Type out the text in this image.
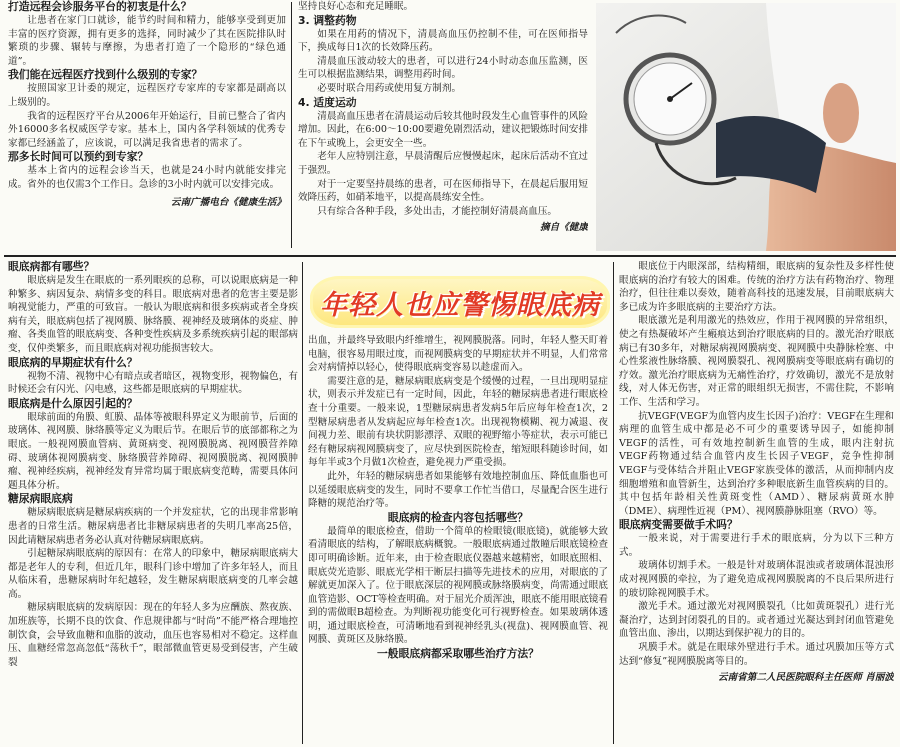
打造远程会诊服务平台的初衷是什么？

让患者在家门口就诊，能节约时间和精力，能够享受到更加丰富的医疗资源，拥有更多的选择，同时减少了其在医院排队时繁琐的步骤、辗转与摩擦，为患者打造了一个隐形的“绿色通道”。

我们能在远程医疗找到什么级别的专家？

按照国家卫计委的规定，远程医疗专家库的专家都是副高以上级别的。

我省的远程医疗平台从2006年开始运行，目前已整合了省内外16000多名权威医学专家。基本上，国内各学科领域的优秀专家都已经涵盖了，应该说，可以满足我省患者的需求了。

那多长时间可以预约到专家？

基本上省内的远程会诊当天，也就是24小时内就能安排完成。省外的也仅需3个工作日。急诊的3小时内就可以安排完成。

云南广播电台《健康生活》

坚持良好心态和充足睡眠。

3. 调整药物

如果在用药的情况下，清晨高血压仍控制不佳，可在医师指导下，换成每日1次的长效降压药。

清晨血压波动较大的患者，可以进行24小时动态血压监测，医生可以根据监测结果，调整用药时间。

必要时联合用药或使用复方制剂。

4. 适度运动

清晨高血压患者在清晨运动后较其他时段发生心血管事件的风险增加。因此，在6:00～10:00要避免剧烈活动，建议把锻炼时间安排在下午或晚上，会更安全一些。

老年人应特别注意，早晨清醒后应慢慢起床，起床后活动不宜过于强烈。

对于一定要坚持晨练的患者，可在医师指导下，在晨起后服用短效降压药，如硝苯地平，以提高晨练安全性。

只有综合各种手段，多处出击，才能控制好清晨高血压。

摘自《健康
眼底病都有哪些？

眼底病是发生在眼底的一系列眼疾的总称，可以说眼底病是一种种繁多、病因复杂、病情多变的科目。眼底病对患者的危害主要是影响视觉能力，严重的可致盲。一般认为眼底病和很多疾病或者全身疾病有关，眼底病包括了视网膜、脉络膜、视神经及玻璃体的炎症、肿瘤、各类血管的眼底病变、各种变性疾病及多系统疾病引起的眼部病变，仅仲类繁多，而且眼底病对视功能损害较大。

眼底病的早期症状有什么？

视物不清、视物中心有暗点或者暗区，视物变形，视物偏色，有时候还会有闪光、闪电感，这些都是眼底病的早期症状。

眼底病是什么原因引起的？

眼球前面的角膜、虹膜、晶体等被眼科界定义为眼前节，后面的玻璃体、视网膜、脉络膜等定义为眼后节。在眼后节的底部都称之为眼底。一般视网膜血管病、黄斑病变、视网膜脱离、视网膜营养障碍、玻璃体视网膜病变、脉络膜营养障碍、视网膜脱离、视网膜肿瘤、视神经疾病，视神经发育异常均属于眼底病变范畴，需要具体问题具体分析。

糖尿病眼底病

糖尿病眼底病是糖尿病疾病的一个并发症状，它的出现非常影响患者的日常生活。糖尿病患者比非糖尿病患者的失明几率高25倍，因此请糖尿病患者务必认真对待糖尿病眼底病。

引起糖尿病眼底病的原因有：在常人的印象中，糖尿病眼底病大都是老年人的专利，但近几年，眼科门诊中增加了许多年轻人，而且从临床看，患糖尿病时年纪越轻，发生糖尿病眼底病变的几率会越高。

糖尿病眼底病的发病原因：现在的年轻人多为应酬族、熬夜族、加班族等，长期不良的饮食、作息规律都与“时尚”不能严格合理地控制饮食，会导致血糖和血脂的波动，血压也容易相对不稳定。这样血压、血糖经常忽高忽低“荡秋千”，眼部微血管更易受到侵害，产生破裂

年轻人也应警惕眼底病

出血，并最终导致眼内纤维增生，视网膜脱落。同时，年轻人整天盯着电脑，很容易用眼过度，而视网膜病变的早期症状并不明显，人们常常会对病情掉以轻心，使得眼底病变容易以趁虚而入。

需要注意的是，糖尿病眼底病变是个缓慢的过程，一旦出现明显症状，则表示并发症已有一定时间，因此，年轻的糖尿病患者进行眼底检查十分重要。一般来说，1型糖尿病患者发病5年后应每年检查1次，2型糖尿病患者从发病起应每年检查1次。出现视物模糊、视力减退、夜间视力差、眼前有块状阴影漂浮、双眼的视野缩小等症状，表示可能已经有糖尿病视网膜病变了，应尽快到医院检查，缩短眼科随诊时间，如每年半或3个月做1次检查，避免视力严重受损。

此外，年轻的糖尿病患者如果能够有效地控制血压、降低血脂也可以延缓眼底病变的发生，同时不要拿工作忙当借口，尽量配合医生进行降糖的规范治疗等。

眼底病的检查内容包括哪些？

最简单的眼底检查，借助一个简单的检眼镜(眼底镜)，就能够大致看清眼底的结构，了解眼底病概貌。一般眼底病通过散瞳后眼底镜检查即可明确诊断。近年来，由于检查眼底仪器越来越精密，如眼底照相、眼底荧光造影、眼底光学相干断层扫描等先进技术的应用，对眼底的了解就更加深入了。位于眼底深层的视网膜或脉络膜病变，尚需通过眼底血管造影、OCT等检查明确。对于屈光介质浑浊，眼底不能用眼底镜看到的需做眼B超检查。为判断视功能变化可行视野检查。如果玻璃体透明，通过眼底检查，可清晰地看到视神经乳头(视盘)、视网膜血管、视网膜、黄斑区及脉络膜。

一般眼底病都采取哪些治疗方法？

眼底位于内眼深部，结构精细，眼底病的复杂性及多样性使眼底病的治疗有较大的困难。传统的治疗方法有药物治疗、物理治疗，但往往难以奏效，随着高科技的迅速发展，目前眼底病大多已成为许多眼底病的主要治疗方法。

眼底激光是利用激光的热效应，作用于视网膜的异常组织，使之有热凝破坏产生瘢痕达到治疗眼底病的目的。激光治疗眼底病已有30多年，对糖尿病视网膜病变、视网膜中央静脉栓塞、中心性浆液性脉络膜、视网膜裂孔、视网膜病变等眼底病有确切的疗效。激光治疗眼底病为无痛性治疗，疗效确切，激光不是放射线，对人体无伤害，对正常的眼组织无损害，不需住院，不影响工作、生活和学习。

抗VEGF(VEGF为血管内皮生长因子)治疗：VEGF在生理和病理的血管生成中都是必不可少的重要诱导因子，如能抑制VEGF的活性，可有效地控制新生血管的生成，眼内注射抗VEGF药物通过结合血管内皮生长因子VEGF，竞争性抑制VEGF与受体结合并阻止VEGF家族受体的激活，从而抑制内皮细胞增殖和血管新生，达到治疗多种眼底新生血管疾病的目的。其中包括年龄相关性黄斑变性（AMD）、糖尿病黄斑水肿（DME）、病理性近视（PM）、视网膜静脉阻塞（RVO）等。

眼底病变需要做手术吗？

一般来说，对于需要进行手术的眼底病，分为以下三种方式。

玻璃体切割手术。一般是针对玻璃体混浊或者玻璃体混浊形成对视网膜的牵拉，为了避免造成视网膜脱离的不良后果所进行的玻切除视网膜手术。

激光手术。通过激光对视网膜裂孔（比如黄斑裂孔）进行光凝治疗，达到封闭裂孔的目的。或者通过光凝达到封闭血管避免血管出血、渗出，以期达到保护视力的目的。

巩膜手术。就是在眼球外壁进行手术。通过巩膜加压等方式达到“修复”视网膜脱离等目的。

云南省第二人民医院眼科主任医师 肖丽波
